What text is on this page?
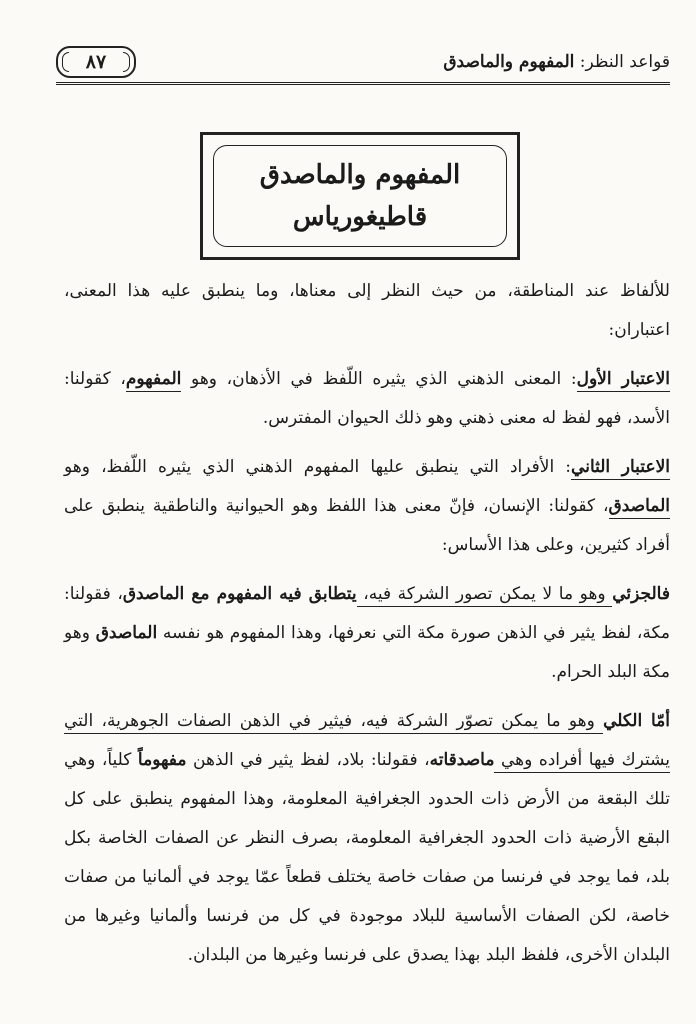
قواعد النظر: المفهوم والماصدق
٨٧
المفهوم والماصدق
قاطيغورياس

للألفاظ عند المناطقة، من حيث النظر إلى معناها، وما ينطبق عليه هذا المعنى، اعتباران:

الاعتبار الأول: المعنى الذهني الذي يثيره اللّفظ في الأذهان، وهو المفهوم، كقولنا: الأسد، فهو لفظ له معنى ذهني وهو ذلك الحيوان المفترس.

الاعتبار الثاني: الأفراد التي ينطبق عليها المفهوم الذهني الذي يثيره اللّفظ، وهو الماصدق، كقولنا: الإنسان، فإنّ معنى هذا اللفظ وهو الحيوانية والناطقية ينطبق على أفراد كثيرين، وعلى هذا الأساس:

فالجزئي وهو ما لا يمكن تصور الشركة فيه، يتطابق فيه المفهوم مع الماصدق، فقولنا: مكة، لفظ يثير في الذهن صورة مكة التي نعرفها، وهذا المفهوم هو نفسه الماصدق وهو مكة البلد الحرام.

أمّا الكلي وهو ما يمكن تصوّر الشركة فيه، فيثير في الذهن الصفات الجوهرية، التي يشترك فيها أفراده وهي ماصدقاته، فقولنا: بلاد، لفظ يثير في الذهن مفهوماً كلياً، وهي تلك البقعة من الأرض ذات الحدود الجغرافية المعلومة، وهذا المفهوم ينطبق على كل البقع الأرضية ذات الحدود الجغرافية المعلومة، بصرف النظر عن الصفات الخاصة بكل بلد، فما يوجد في فرنسا من صفات خاصة يختلف قطعاً عمّا يوجد في ألمانيا من صفات خاصة، لكن الصفات الأساسية للبلاد موجودة في كل من فرنسا وألمانيا وغيرها من البلدان الأخرى، فلفظ البلد بهذا يصدق على فرنسا وغيرها من البلدان.
